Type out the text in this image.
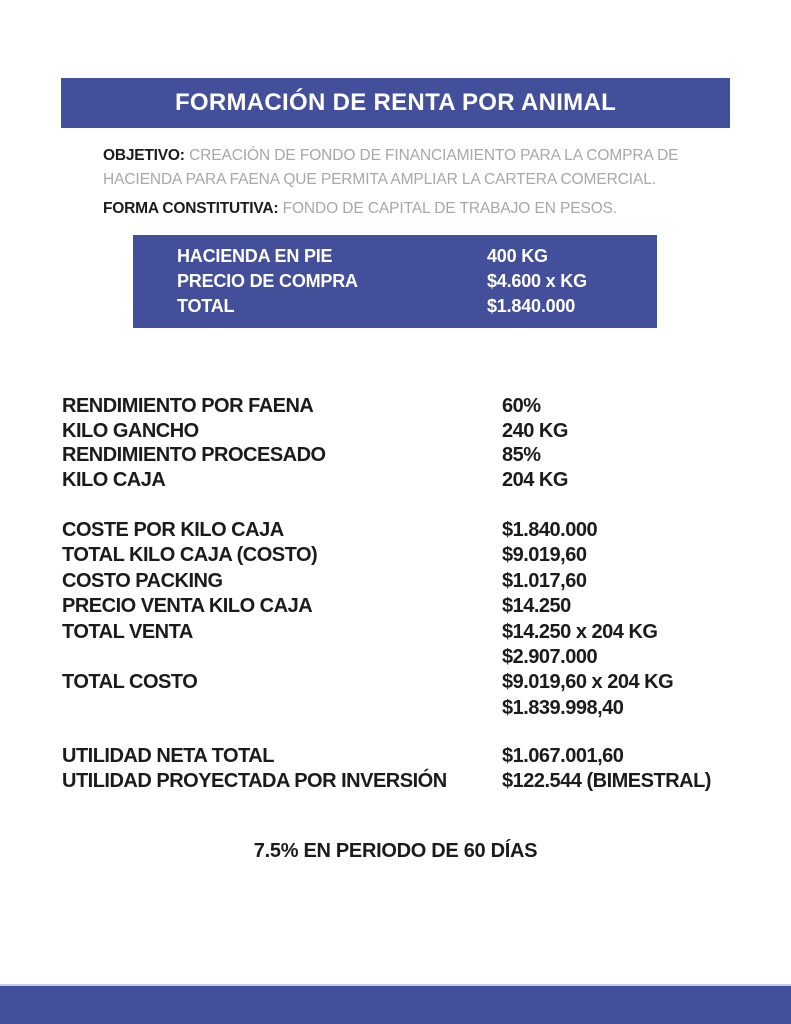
FORMACIÓN DE RENTA POR ANIMAL

OBJETIVO: CREACIÓN DE FONDO DE FINANCIAMIENTO PARA LA COMPRA DE HACIENDA PARA FAENA QUE PERMITA AMPLIAR LA CARTERA COMERCIAL.

FORMA CONSTITUTIVA: FONDO DE CAPITAL DE TRABAJO EN PESOS.

HACIENDA EN PIE	400 KG
PRECIO DE COMPRA	$4.600 x KG
TOTAL	$1.840.000
RENDIMIENTO POR FAENA	60%
KILO GANCHO	240 KG
RENDIMIENTO PROCESADO	85%
KILO CAJA	204 KG
COSTE POR KILO CAJA	$1.840.000
TOTAL KILO CAJA (COSTO)	$9.019,60
COSTO PACKING	$1.017,60
PRECIO VENTA KILO CAJA	$14.250
TOTAL VENTA	$14.250 x 204 KG
$2.907.000
TOTAL COSTO	$9.019,60 x 204 KG
$1.839.998,40
UTILIDAD NETA TOTAL	$1.067.001,60
UTILIDAD PROYECTADA POR INVERSIÓN	$122.544 (BIMESTRAL)
7.5% EN PERIODO DE 60 DÍAS
